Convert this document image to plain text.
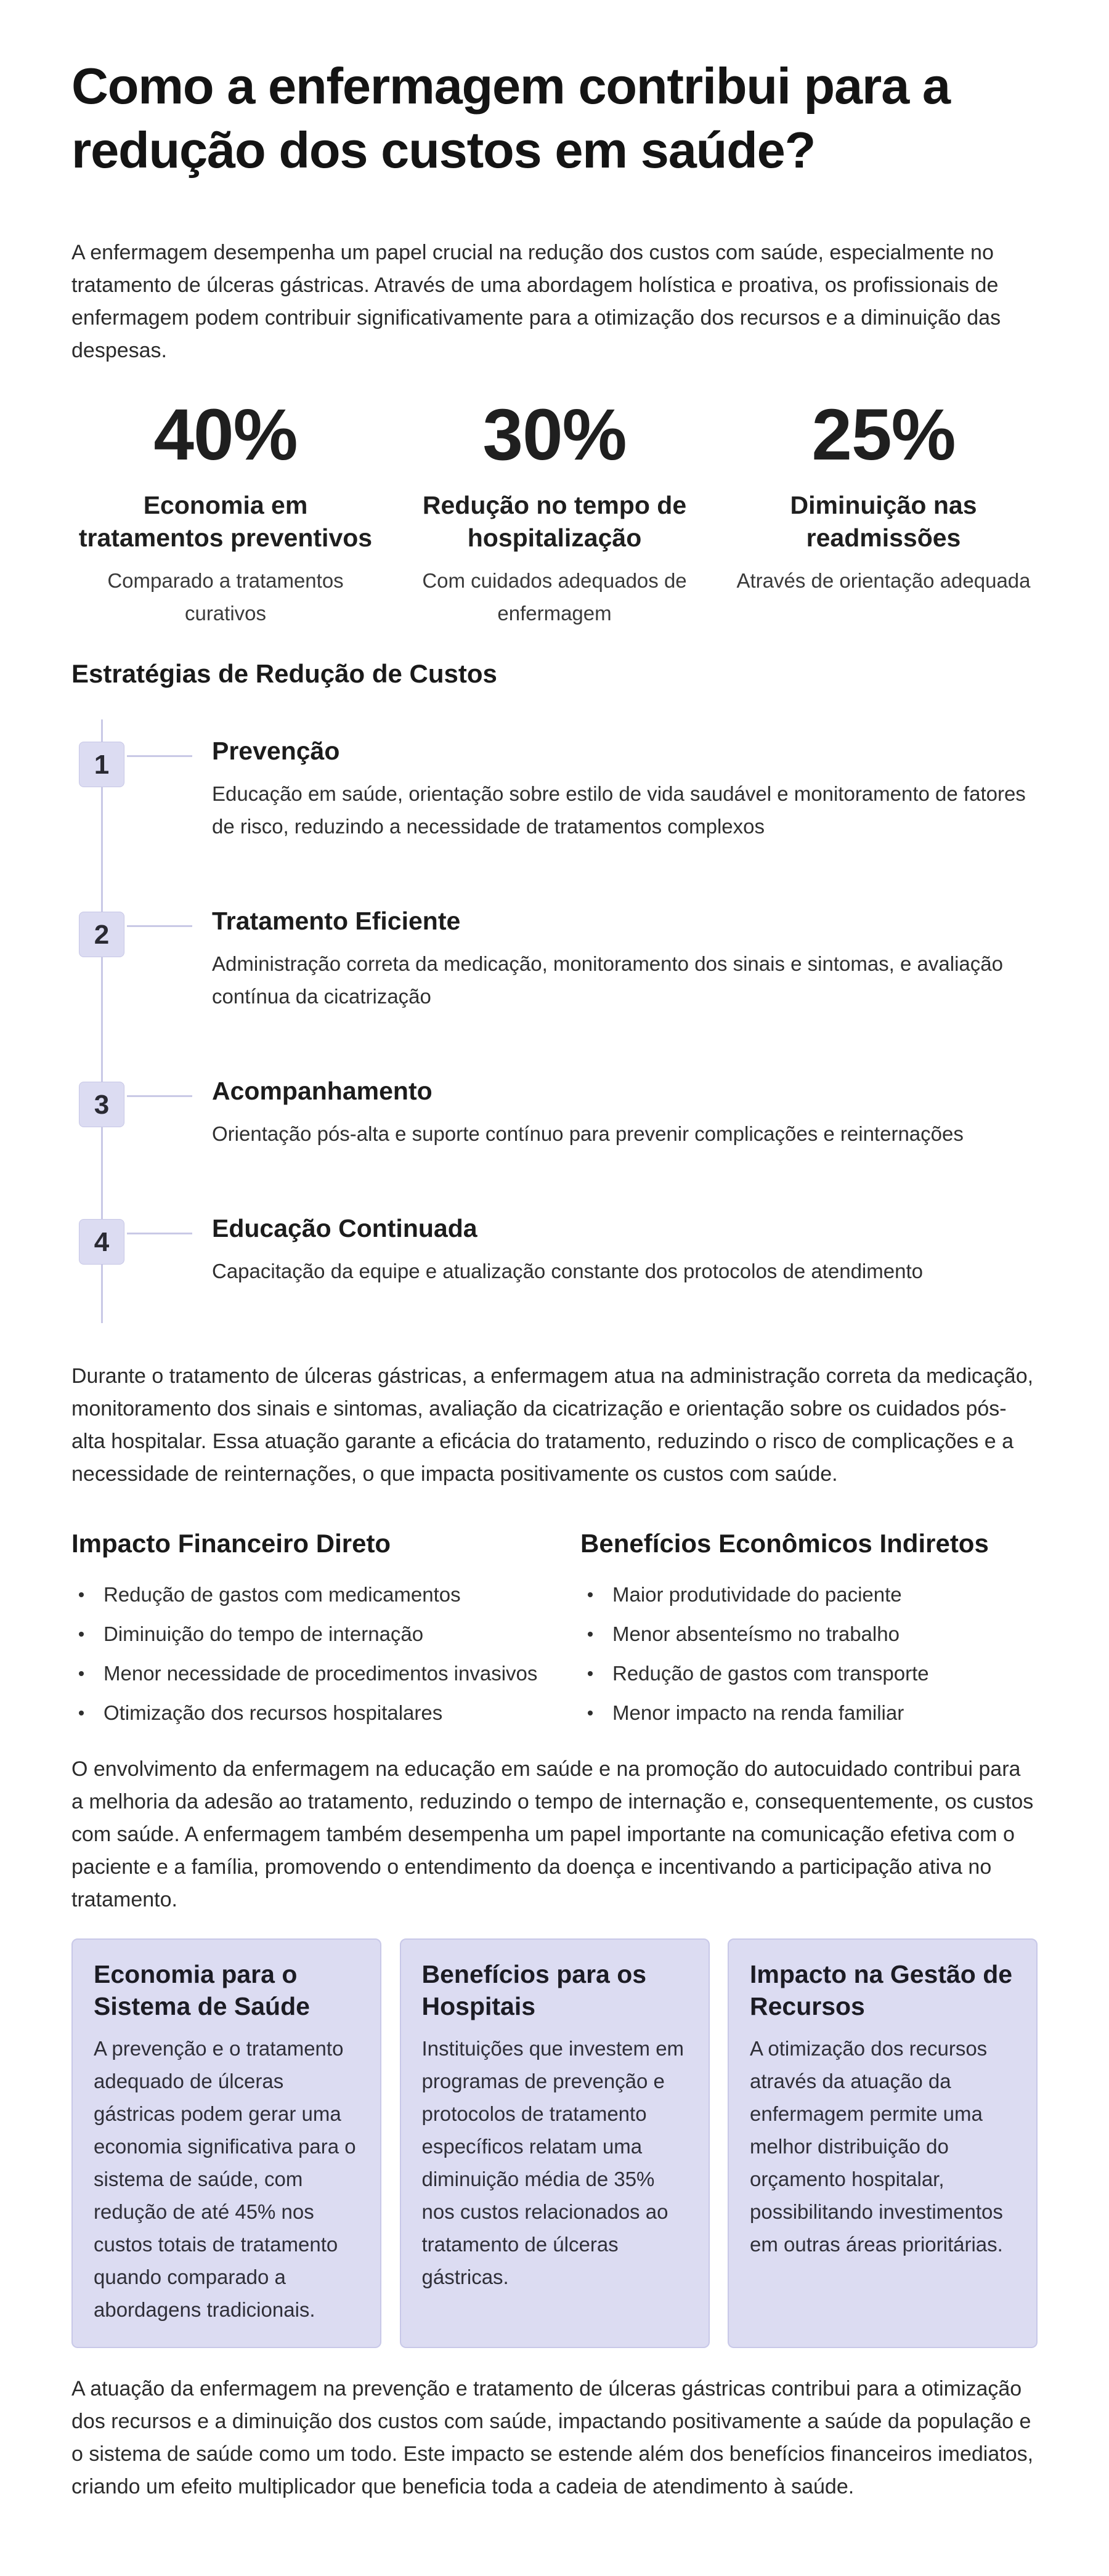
Como a enfermagem contribui para a redução dos custos em saúde?

A enfermagem desempenha um papel crucial na redução dos custos com saúde, especialmente no tratamento de úlceras gástricas. Através de uma abordagem holística e proativa, os profissionais de enfermagem podem contribuir significativamente para a otimização dos recursos e a diminuição das despesas.

40%
Economia em tratamentos preventivos
Comparado a tratamentos curativos
30%
Redução no tempo de hospitalização
Com cuidados adequados de enfermagem
25%
Diminuição nas readmissões
Através de orientação adequada
Estratégias de Redução de Custos
1	Prevenção
Educação em saúde, orientação sobre estilo de vida saudável e monitoramento de fatores de risco, reduzindo a necessidade de tratamentos complexos
2	Tratamento Eficiente
Administração correta da medicação, monitoramento dos sinais e sintomas, e avaliação contínua da cicatrização
3	Acompanhamento
Orientação pós-alta e suporte contínuo para prevenir complicações e reinternações
4	Educação Continuada
Capacitação da equipe e atualização constante dos protocolos de atendimento

Durante o tratamento de úlceras gástricas, a enfermagem atua na administração correta da medicação, monitoramento dos sinais e sintomas, avaliação da cicatrização e orientação sobre os cuidados pós-alta hospitalar. Essa atuação garante a eficácia do tratamento, reduzindo o risco de complicações e a necessidade de reinternações, o que impacta positivamente os custos com saúde.

Impacto Financeiro Direto
Redução de gastos com medicamentos
Diminuição do tempo de internação
Menor necessidade de procedimentos invasivos
Otimização dos recursos hospitalares
Benefícios Econômicos Indiretos
Maior produtividade do paciente
Menor absenteísmo no trabalho
Redução de gastos com transporte
Menor impacto na renda familiar

O envolvimento da enfermagem na educação em saúde e na promoção do autocuidado contribui para a melhoria da adesão ao tratamento, reduzindo o tempo de internação e, consequentemente, os custos com saúde. A enfermagem também desempenha um papel importante na comunicação efetiva com o paciente e a família, promovendo o entendimento da doença e incentivando a participação ativa no tratamento.

Economia para o Sistema de Saúde
A prevenção e o tratamento adequado de úlceras gástricas podem gerar uma economia significativa para o sistema de saúde, com redução de até 45% nos custos totais de tratamento quando comparado a abordagens tradicionais.
Benefícios para os Hospitais
Instituições que investem em programas de prevenção e protocolos de tratamento específicos relatam uma diminuição média de 35% nos custos relacionados ao tratamento de úlceras gástricas.
Impacto na Gestão de Recursos
A otimização dos recursos através da atuação da enfermagem permite uma melhor distribuição do orçamento hospitalar, possibilitando investimentos em outras áreas prioritárias.

A atuação da enfermagem na prevenção e tratamento de úlceras gástricas contribui para a otimização dos recursos e a diminuição dos custos com saúde, impactando positivamente a saúde da população e o sistema de saúde como um todo. Este impacto se estende além dos benefícios financeiros imediatos, criando um efeito multiplicador que beneficia toda a cadeia de atendimento à saúde.
